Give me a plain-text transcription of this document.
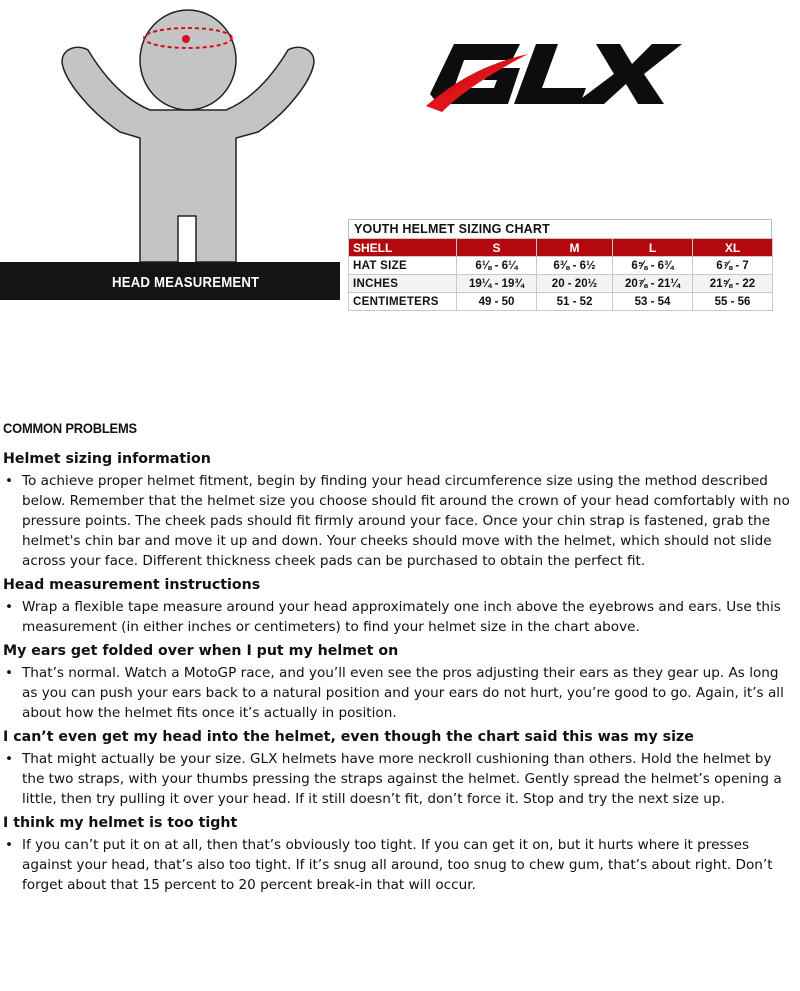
HEAD MEASUREMENT
YOUTH HELMET SIZING CHART
SHELL	S	M	L	XL
HAT SIZE	6⅛ - 6¼	6⅜ - 6½	6⅝ - 6¾	6⅞ - 7
INCHES	19¼ - 19¾	20 - 20½	20⅞ - 21¼	21⅝ - 22
CENTIMETERS	49 - 50	51 - 52	53 - 54	55 - 56
COMMON PROBLEMS

Helmet sizing information

• To achieve proper helmet fitment, begin by finding your head circumference size using the method described below. Remember that the helmet size you choose should fit around the crown of your head comfortably with no pressure points. The cheek pads should fit firmly around your face. Once your chin strap is fastened, grab the helmet's chin bar and move it up and down. Your cheeks should move with the helmet, which should not slide across your face. Different thickness cheek pads can be purchased to obtain the perfect fit.

Head measurement instructions

• Wrap a flexible tape measure around your head approximately one inch above the eyebrows and ears. Use this measurement (in either inches or centimeters) to find your helmet size in the chart above.

My ears get folded over when I put my helmet on

• That’s normal. Watch a MotoGP race, and you’ll even see the pros adjusting their ears as they gear up. As long as you can push your ears back to a natural position and your ears do not hurt, you’re good to go. Again, it’s all about how the helmet fits once it’s actually in position.

I can’t even get my head into the helmet, even though the chart said this was my size

• That might actually be your size. GLX helmets have more neckroll cushioning than others. Hold the helmet by the two straps, with your thumbs pressing the straps against the helmet. Gently spread the helmet’s opening a little, then try pulling it over your head. If it still doesn’t fit, don’t force it. Stop and try the next size up.

I think my helmet is too tight

• If you can’t put it on at all, then that’s obviously too tight. If you can get it on, but it hurts where it presses against your head, that’s also too tight. If it’s snug all around, too snug to chew gum, that’s about right. Don’t forget about that 15 percent to 20 percent break-in that will occur.
